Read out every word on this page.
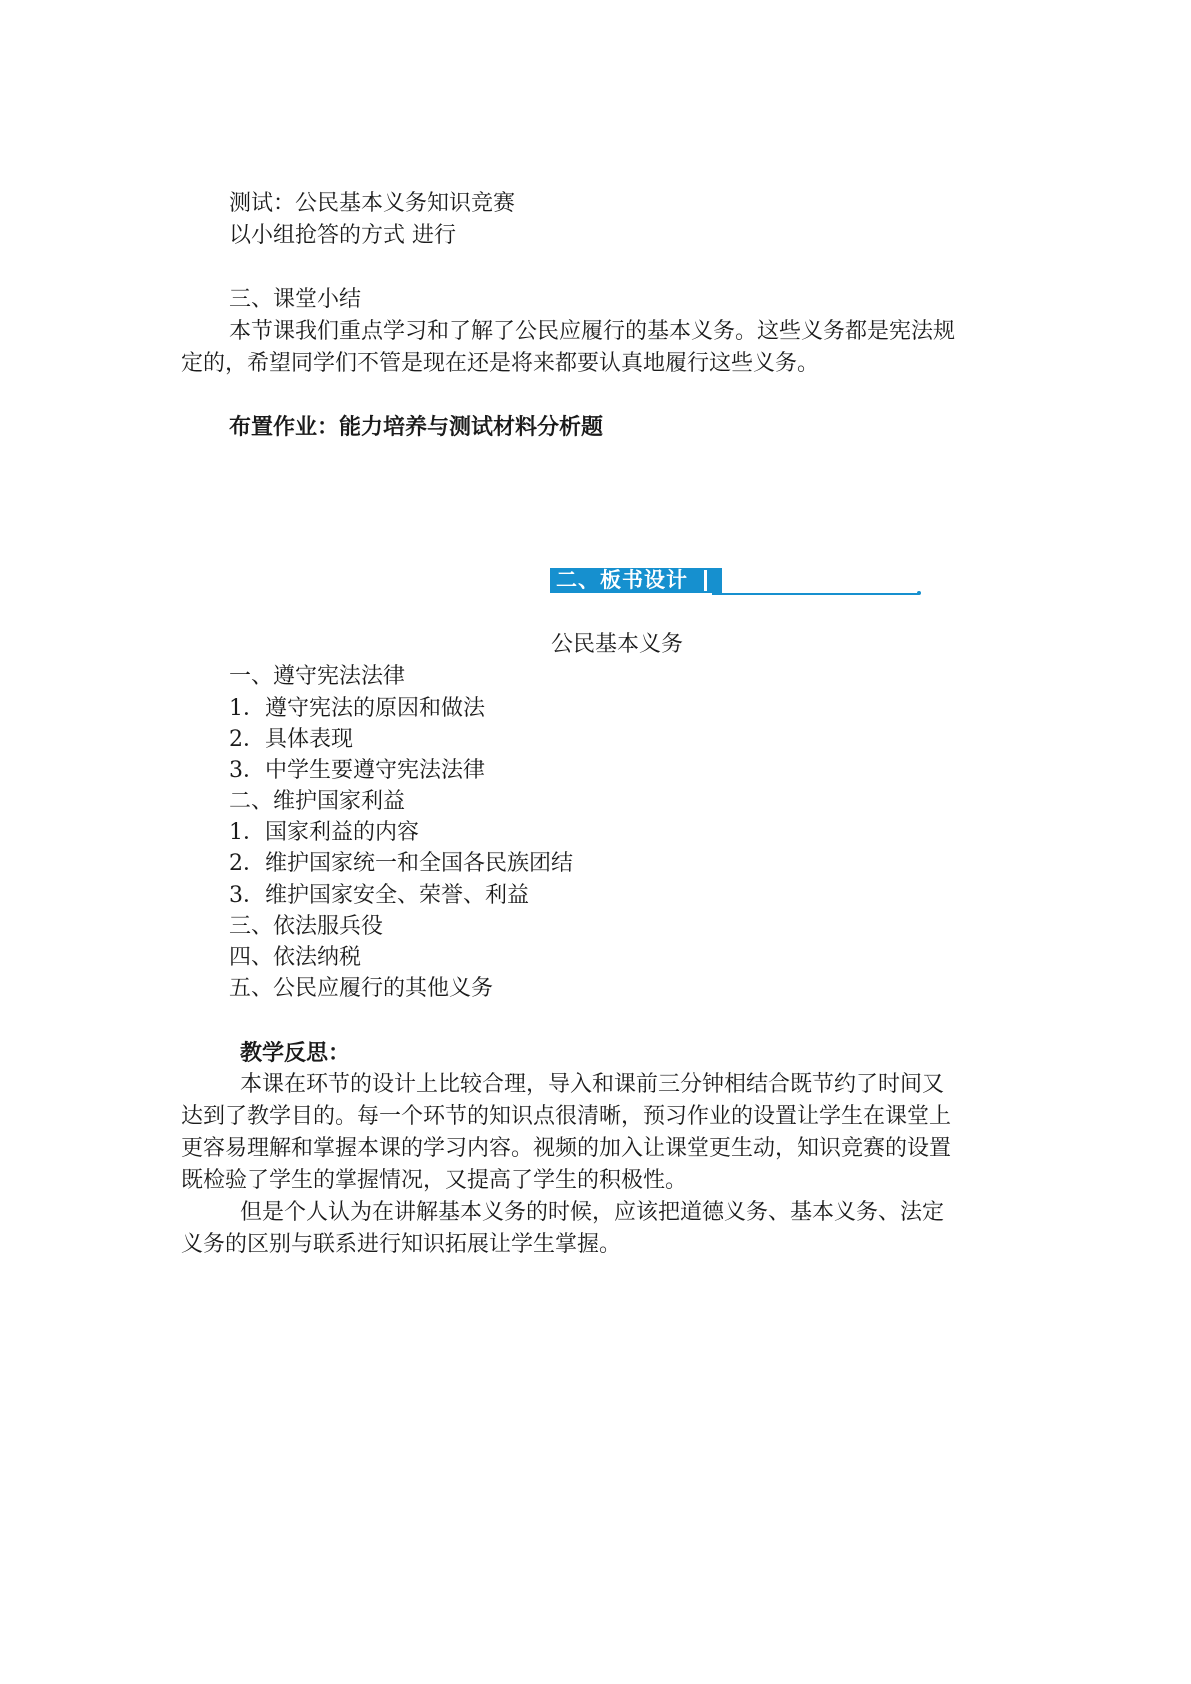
测试：公民基本义务知识竞赛
以小组抢答的方式 进行
三、课堂小结
本节课我们重点学习和了解了公民应履行的基本义务。这些义务都是宪法规
定的，希望同学们不管是现在还是将来都要认真地履行这些义务。
布置作业：能力培养与测试材料分析题
二、板书设计
公民基本义务
一、遵守宪法法律
1．遵守宪法的原因和做法
2．具体表现
3．中学生要遵守宪法法律
二、维护国家利益
1．国家利益的内容
2．维护国家统一和全国各民族团结
3．维护国家安全、荣誉、利益
三、依法服兵役
四、依法纳税
五、公民应履行的其他义务
教学反思：
本课在环节的设计上比较合理，导入和课前三分钟相结合既节约了时间又
达到了教学目的。每一个环节的知识点很清晰，预习作业的设置让学生在课堂上
更容易理解和掌握本课的学习内容。视频的加入让课堂更生动，知识竞赛的设置
既检验了学生的掌握情况，又提高了学生的积极性。
但是个人认为在讲解基本义务的时候，应该把道德义务、基本义务、法定
义务的区别与联系进行知识拓展让学生掌握。
